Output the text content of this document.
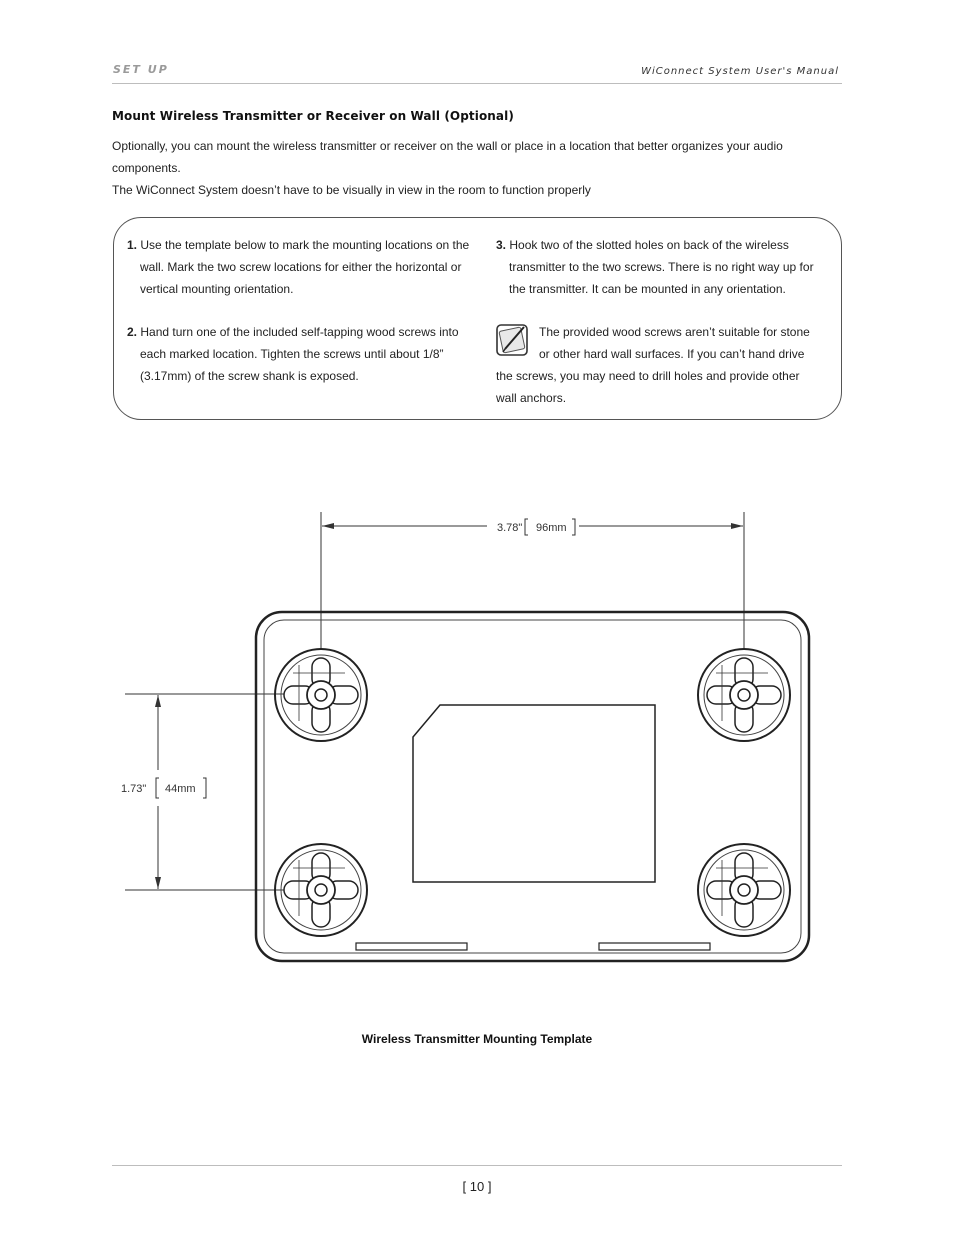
SET UP	WiConnect System User's Manual
Mount Wireless Transmitter or Receiver on Wall (Optional)

Optionally, you can mount the wireless transmitter or receiver on the wall or place in a location that better organizes your audio components.

The WiConnect System doesn’t have to be visually in view in the room to function properly

1. Use the template below to mark the mounting locations on the
wall. Mark the two screw locations for either the horizontal or
vertical mounting orientation.
2. Hand turn one of the included self-tapping wood screws into
each marked location. Tighten the screws until about 1/8”
(3.17mm) of the screw shank is exposed.
3. Hook two of the slotted holes on back of the wireless
transmitter to the two screws. There is no right way up for
the transmitter. It can be mounted in any orientation.
The provided wood screws aren’t suitable for stone
or other hard wall surfaces. If you can’t hand drive
the screws, you may need to drill holes and provide other
wall anchors.
3.78" 96mm
1.73" 44mm
Wireless Transmitter Mounting Template
[ 10 ]
